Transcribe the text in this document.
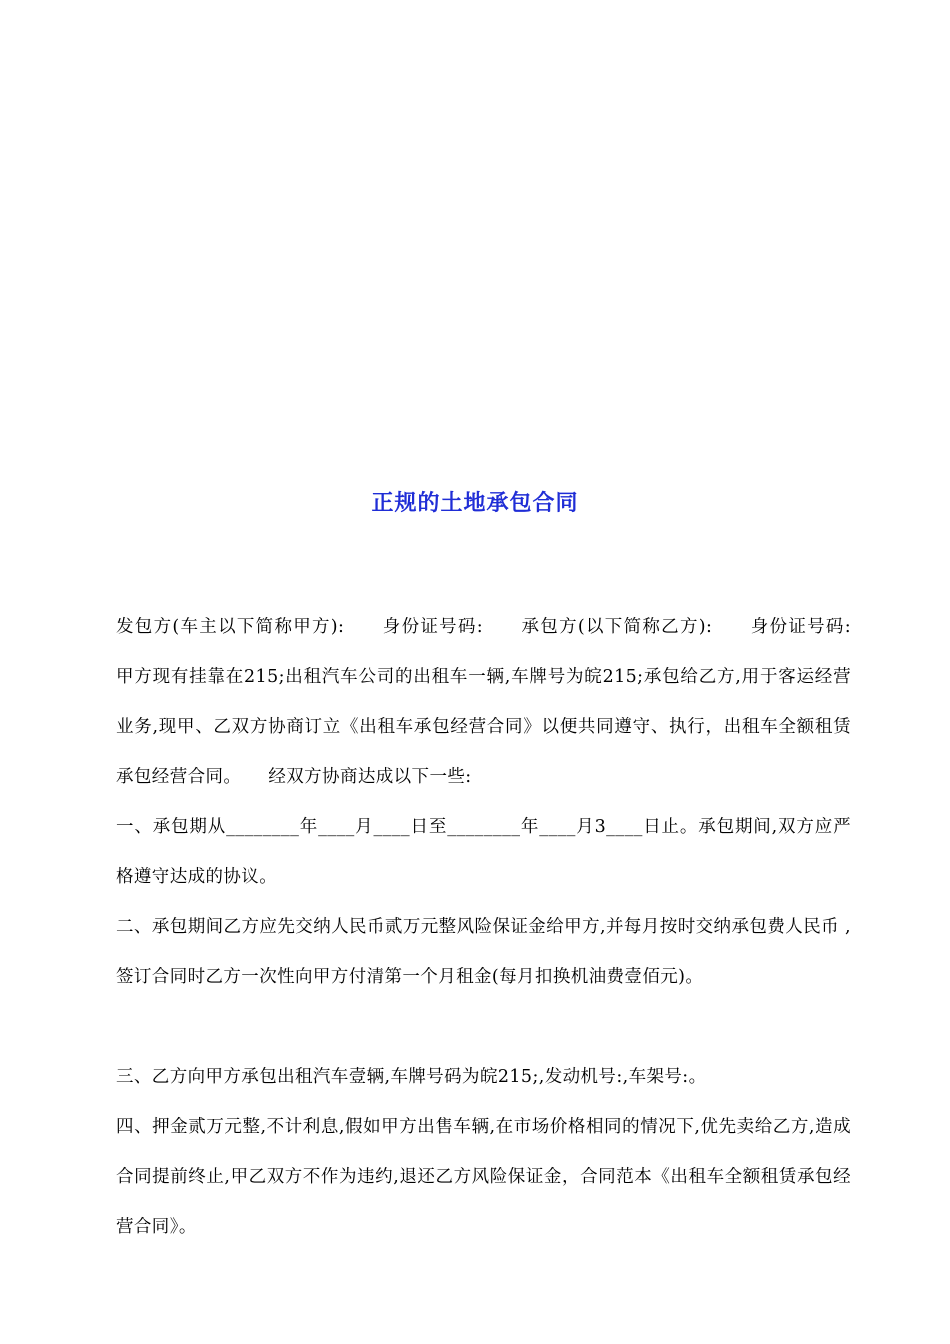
正规的土地承包合同

发包方(车主以下简称甲方):　　身份证号码:　　承包方(以下简称乙方):　　身份证号码:　　甲方现有挂靠在215;出租汽车公司的出租车一辆,车牌号为皖215;承包给乙方,用于客运经营业务,现甲、乙双方协商订立《出租车承包经营合同》以便共同遵守、执行，出租车全额租赁承包经营合同。　　经双方协商达成以下一些:

一、承包期从________年____月____日至________年____月3____日止。承包期间,双方应严格遵守达成的协议。

二、承包期间乙方应先交纳人民币贰万元整风险保证金给甲方,并每月按时交纳承包费人民币 ,签订合同时乙方一次性向甲方付清第一个月租金(每月扣换机油费壹佰元)。

三、乙方向甲方承包出租汽车壹辆,车牌号码为皖215;,发动机号:,车架号:。

四、押金贰万元整,不计利息,假如甲方出售车辆,在市场价格相同的情况下,优先卖给乙方,造成合同提前终止,甲乙双方不作为违约,退还乙方风险保证金，合同范本《出租车全额租赁承包经营合同》。
